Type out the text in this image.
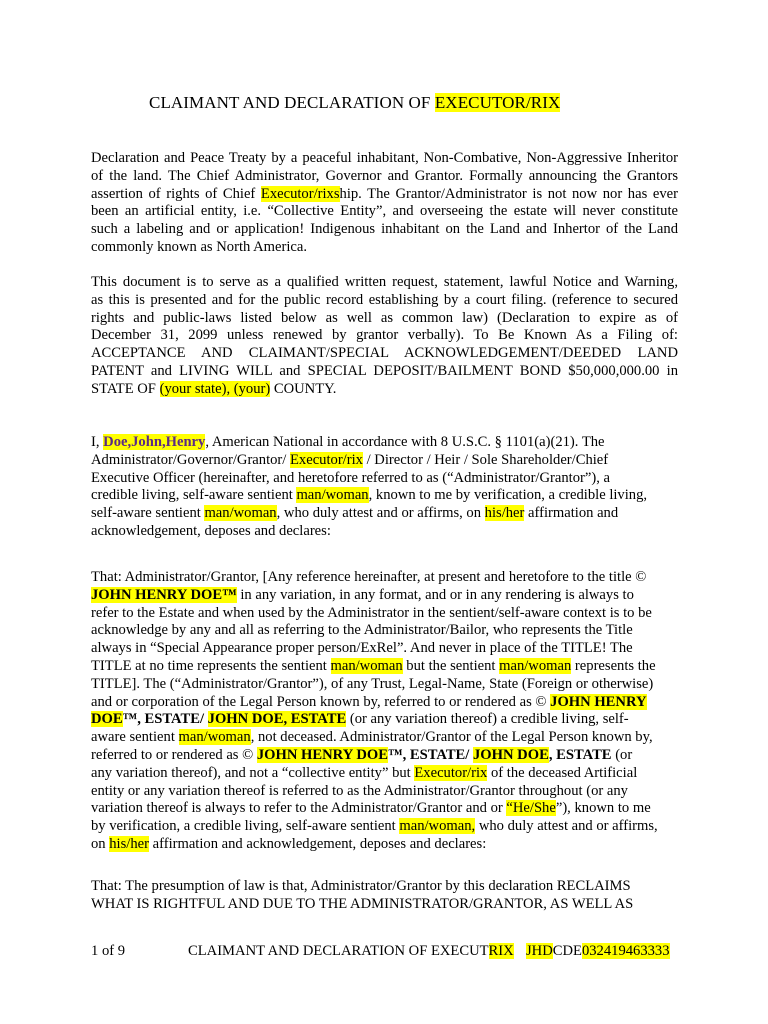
CLAIMANT AND DECLARATION OF EXECUTOR/RIX
Declaration and Peace Treaty by a peaceful inhabitant, Non-Combative, Non-Aggressive Inheritor
of the land. The Chief Administrator, Governor and Grantor. Formally announcing the Grantors
assertion of rights of Chief Executor/rixship. The Grantor/Administrator is not now nor has ever
been an artificial entity, i.e. “Collective Entity”, and overseeing the estate will never constitute
such a labeling and or application! Indigenous inhabitant on the Land and Inhertor of the Land
commonly known as North America.
This document is to serve as a qualified written request, statement, lawful Notice and Warning,
as this is presented and for the public record establishing by a court filing. (reference to secured
rights and public-laws listed below as well as common law) (Declaration to expire as of
December 31, 2099 unless renewed by grantor verbally). To Be Known As a Filing of:
ACCEPTANCE AND CLAIMANT/SPECIAL ACKNOWLEDGEMENT/DEEDED LAND
PATENT and LIVING WILL and SPECIAL DEPOSIT/BAILMENT BOND $50,000,000.00 in
STATE OF (your state), (your) COUNTY.
I, Doe,John,Henry, American National in accordance with 8 U.S.C. § 1101(a)(21). The
Administrator/Governor/Grantor/ Executor/rix / Director / Heir / Sole Shareholder/Chief
Executive Officer (hereinafter, and heretofore referred to as (“Administrator/Grantor”), a
credible living, self-aware sentient man/woman, known to me by verification, a credible living,
self-aware sentient man/woman, who duly attest and or affirms, on his/her affirmation and
acknowledgement, deposes and declares:
That: Administrator/Grantor, [Any reference hereinafter, at present and heretofore to the title ©
JOHN HENRY DOE™ in any variation, in any format, and or in any rendering is always to
refer to the Estate and when used by the Administrator in the sentient/self-aware context is to be
acknowledge by any and all as referring to the Administrator/Bailor, who represents the Title
always in “Special Appearance proper person/ExRel”. And never in place of the TITLE! The
TITLE at no time represents the sentient man/woman but the sentient man/woman represents the
TITLE]. The (“Administrator/Grantor”), of any Trust, Legal-Name, State (Foreign or otherwise)
and or corporation of the Legal Person known by, referred to or rendered as © JOHN HENRY
DOE™, ESTATE/ JOHN DOE, ESTATE (or any variation thereof) a credible living, self-
aware sentient man/woman, not deceased. Administrator/Grantor of the Legal Person known by,
referred to or rendered as © JOHN HENRY DOE™, ESTATE/ JOHN DOE, ESTATE (or
any variation thereof), and not a “collective entity” but Executor/rix of the deceased Artificial
entity or any variation thereof is referred to as the Administrator/Grantor throughout (or any
variation thereof is always to refer to the Administrator/Grantor and or “He/She”), known to me
by verification, a credible living, self-aware sentient man/woman, who duly attest and or affirms,
on his/her affirmation and acknowledgement, deposes and declares:
That: The presumption of law is that, Administrator/Grantor by this declaration RECLAIMS
WHAT IS RIGHTFUL AND DUE TO THE ADMINISTRATOR/GRANTOR, AS WELL AS
1 of 9	CLAIMANT AND DECLARATION OF EXECUTRIX JHDCDE032419463333
